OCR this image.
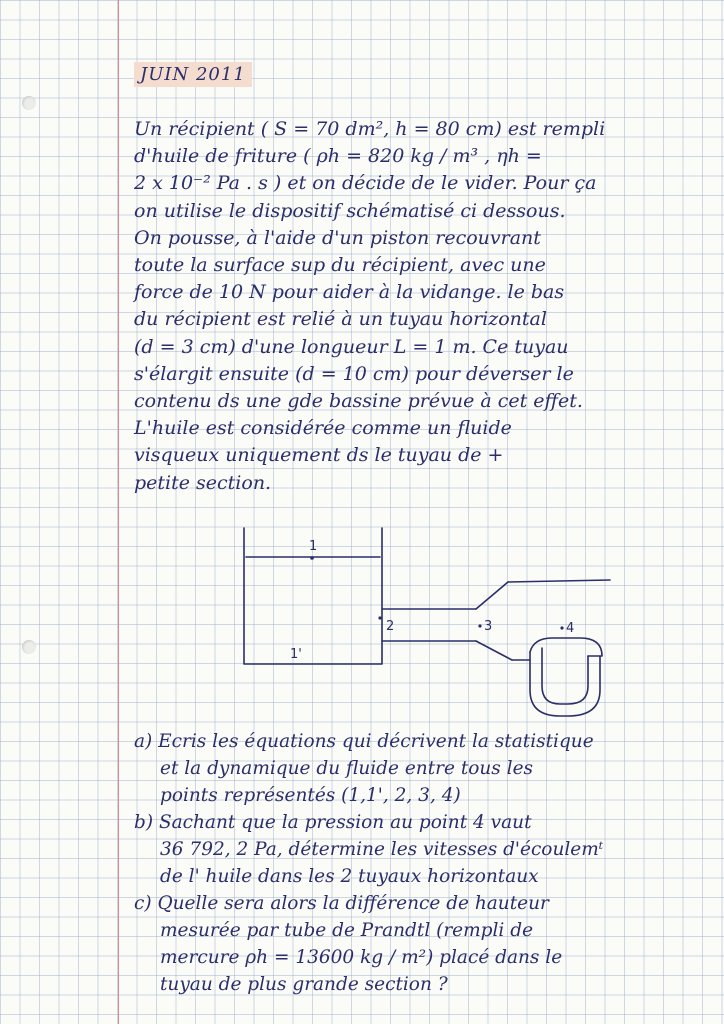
JUIN 2011
Un récipient ( S = 70 dm², h = 80 cm) est rempli
d'huile de friture ( ρh = 820 kg / m³ , ηh =
2 x 10⁻² Pa . s ) et on décide de le vider. Pour ça
on utilise le dispositif schématisé ci dessous.
On pousse, à l'aide d'un piston recouvrant
toute la surface sup du récipient, avec une
force de 10 N pour aider à la vidange. le bas
du récipient est relié à un tuyau horizontal
(d = 3 cm) d'une longueur L = 1 m. Ce tuyau
s'élargit ensuite (d = 10 cm) pour déverser le
contenu ds une gde bassine prévue à cet effet.
L'huile est considérée comme un fluide
visqueux uniquement ds le tuyau de +
petite section.
1
1'
2	3	4
a) Ecris les équations qui décrivent la statistique
et la dynamique du fluide entre tous les
points représentés (1,1', 2, 3, 4)
b) Sachant que la pression au point 4 vaut
36 792, 2 Pa, détermine les vitesses d'écoulemᵗ
de l' huile dans les 2 tuyaux horizontaux
c) Quelle sera alors la différence de hauteur
mesurée par tube de Prandtl (rempli de
mercure ρh = 13600 kg / m²) placé dans le
tuyau de plus grande section ?
